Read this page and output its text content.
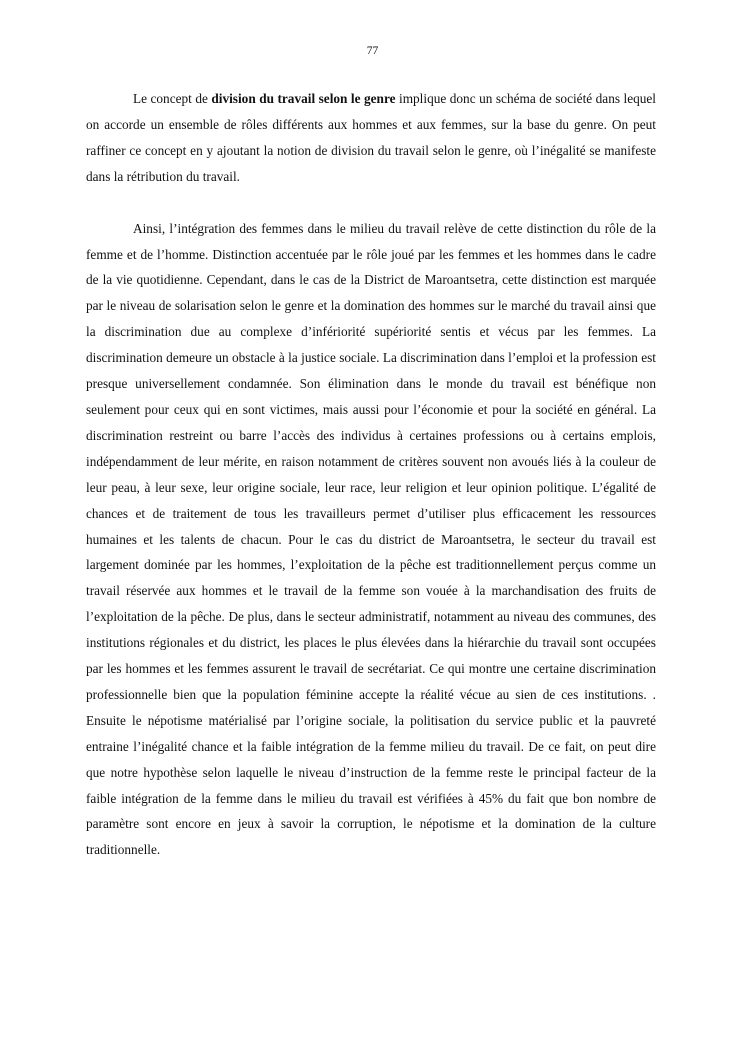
77

Le concept de division du travail selon le genre implique donc un schéma de société dans lequel on accorde un ensemble de rôles différents aux hommes et aux femmes, sur la base du genre. On peut raffiner ce concept en y ajoutant la notion de division du travail selon le genre, où l’inégalité se manifeste dans la rétribution du travail.

Ainsi, l’intégration des femmes dans le milieu du travail relève de cette distinction du rôle de la femme et de l’homme. Distinction accentuée par le rôle joué par les femmes et les hommes dans le cadre de la vie quotidienne. Cependant, dans le cas de la District de Maroantsetra, cette distinction est marquée par le niveau de solarisation selon le genre et la domination des hommes sur le marché du travail ainsi que la discrimination due au complexe d’infériorité supériorité sentis et vécus par les femmes. La discrimination demeure un obstacle à la justice sociale. La discrimination dans l’emploi et la profession est presque universellement condamnée. Son élimination dans le monde du travail est bénéfique non seulement pour ceux qui en sont victimes, mais aussi pour l’économie et pour la société en général. La discrimination restreint ou barre l’accès des individus à certaines professions ou à certains emplois, indépendamment de leur mérite, en raison notamment de critères souvent non avoués liés à la couleur de leur peau, à leur sexe, leur origine sociale, leur race, leur religion et leur opinion politique. L’égalité de chances et de traitement de tous les travailleurs permet d’utiliser plus efficacement les ressources humaines et les talents de chacun. Pour le cas du district de Maroantsetra, le secteur du travail est largement dominée par les hommes, l’exploitation de la pêche est traditionnellement perçus comme un travail réservée aux hommes et le travail de la femme son vouée à la marchandisation des fruits de l’exploitation de la pêche. De plus, dans le secteur administratif, notamment au niveau des communes, des institutions régionales et du district, les places le plus élevées dans la hiérarchie du travail sont occupées par les hommes et les femmes assurent le travail de secrétariat. Ce qui montre une certaine discrimination professionnelle bien que la population féminine accepte la réalité vécue au sien de ces institutions. . Ensuite le népotisme matérialisé par l’origine sociale, la politisation du service public et la pauvreté entraine l’inégalité chance et la faible intégration de la femme milieu du travail. De ce fait, on peut dire que notre hypothèse selon laquelle le niveau d’instruction de la femme reste le principal facteur de la faible intégration de la femme dans le milieu du travail est vérifiées à 45% du fait que bon nombre de paramètre sont encore en jeux à savoir la corruption, le népotisme et la domination de la culture traditionnelle.
